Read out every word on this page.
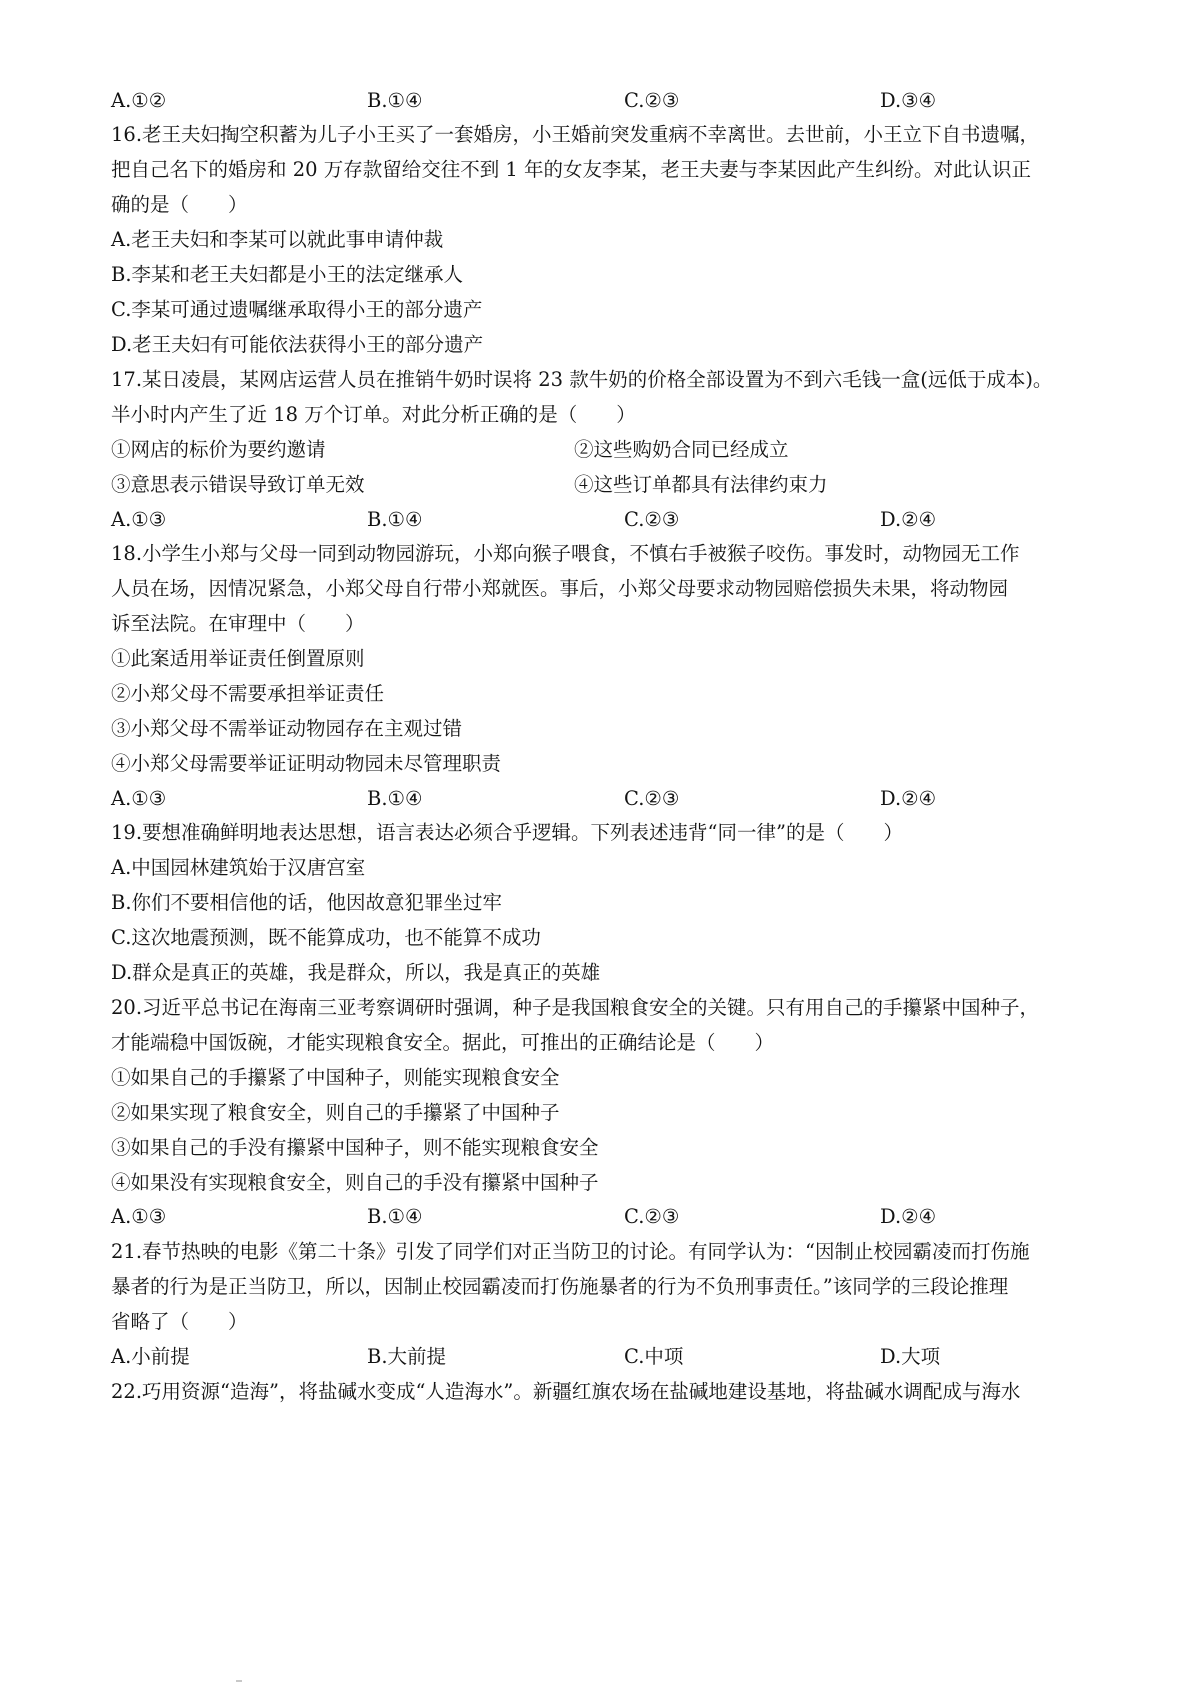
A.①②	B.①④	C.②③	D.③④
16.老王夫妇掏空积蓄为儿子小王买了一套婚房，小王婚前突发重病不幸离世。去世前，小王立下自书遗嘱，
把自己名下的婚房和 20 万存款留给交往不到 1 年的女友李某，老王夫妻与李某因此产生纠纷。对此认识正
确的是（　　）
A.老王夫妇和李某可以就此事申请仲裁
B.李某和老王夫妇都是小王的法定继承人
C.李某可通过遗嘱继承取得小王的部分遗产
D.老王夫妇有可能依法获得小王的部分遗产
17.某日凌晨，某网店运营人员在推销牛奶时误将 23 款牛奶的价格全部设置为不到六毛钱一盒(远低于成本)。
半小时内产生了近 18 万个订单。对此分析正确的是（　　）
①网店的标价为要约邀请	②这些购奶合同已经成立
③意思表示错误导致订单无效	④这些订单都具有法律约束力
A.①③	B.①④	C.②③	D.②④
18.小学生小郑与父母一同到动物园游玩，小郑向猴子喂食，不慎右手被猴子咬伤。事发时，动物园无工作
人员在场，因情况紧急，小郑父母自行带小郑就医。事后，小郑父母要求动物园赔偿损失未果，将动物园
诉至法院。在审理中（　　）
①此案适用举证责任倒置原则
②小郑父母不需要承担举证责任
③小郑父母不需举证动物园存在主观过错
④小郑父母需要举证证明动物园未尽管理职责
A.①③	B.①④	C.②③	D.②④
19.要想准确鲜明地表达思想，语言表达必须合乎逻辑。下列表述违背“同一律”的是（　　）
A.中国园林建筑始于汉唐宫室
B.你们不要相信他的话，他因故意犯罪坐过牢
C.这次地震预测，既不能算成功，也不能算不成功
D.群众是真正的英雄，我是群众，所以，我是真正的英雄
20.习近平总书记在海南三亚考察调研时强调，种子是我国粮食安全的关键。只有用自己的手攥紧中国种子，
才能端稳中国饭碗，才能实现粮食安全。据此，可推出的正确结论是（　　）
①如果自己的手攥紧了中国种子，则能实现粮食安全
②如果实现了粮食安全，则自己的手攥紧了中国种子
③如果自己的手没有攥紧中国种子，则不能实现粮食安全
④如果没有实现粮食安全，则自己的手没有攥紧中国种子
A.①③	B.①④	C.②③	D.②④
21.春节热映的电影《第二十条》引发了同学们对正当防卫的讨论。有同学认为：“因制止校园霸凌而打伤施
暴者的行为是正当防卫，所以，因制止校园霸凌而打伤施暴者的行为不负刑事责任。”该同学的三段论推理
省略了（　　）
A.小前提	B.大前提	C.中项	D.大项
22.巧用资源“造海”，将盐碱水变成“人造海水”。新疆红旗农场在盐碱地建设基地，将盐碱水调配成与海水
